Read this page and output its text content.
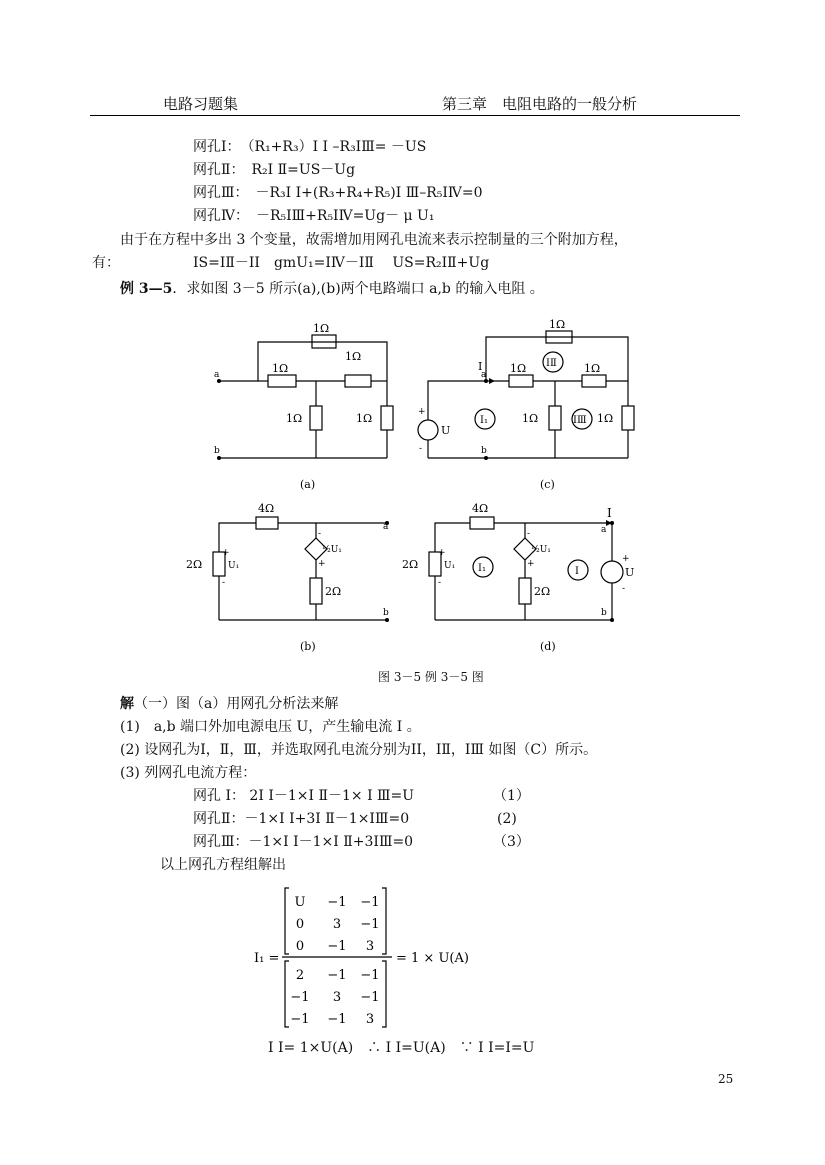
电路习题集	第三章　电阻电路的一般分析
网孔Ⅰ：　（R₁+R₃）I Ⅰ –R₃IⅢ= －US
网孔Ⅱ：　R₂I Ⅱ=US－Ug
网孔Ⅲ：　－R₃I Ⅰ+(R₃+R₄+R₅)I Ⅲ–R₅IⅣ=0
网孔Ⅳ：　－R₅IⅢ+R₅IⅣ=Ug－ μ U₁
由于在方程中多出 3 个变量，故需增加用网孔电流来表示控制量的三个附加方程，
有：	IS=IⅡ－IⅠ　gmU₁=IⅣ－IⅡ　 US=R₂IⅡ+Ug
例 3—5．求如图 3－5 所示(a),(b)两个电路端口 a,b 的输入电阻 。
1Ω
1Ω
1Ω
1Ω	1Ω
a
b
(a)
1Ω
1Ω	1Ω
1Ω	1Ω
a
b
I
U
+
-
I₁
IⅡ
IⅢ
(c)
4Ω
2Ω
2Ω
U₁
+
-
½U₁
-
+
a
b
(b)
4Ω
2Ω
2Ω
U₁
+
-
½U₁
-
+
I₁	I	U
+
-
I
a
b
(d)
图 3－5 例 3－5 图
解（一）图（a）用网孔分析法来解
(1)　a,b 端口外加电源电压 U，产生输电流 I 。
(2) 设网孔为Ⅰ，Ⅱ，Ⅲ，并选取网孔电流分别为IⅠ，IⅡ，IⅢ 如图（C）所示。
(3) 列网孔电流方程：
网孔 I： 2I Ⅰ－1×I Ⅱ－1× I Ⅲ=U	（1）
网孔Ⅱ：－1×I Ⅰ+3I Ⅱ－1×IⅢ=0	(2)
网孔Ⅲ：－1×I Ⅰ－1×I Ⅱ+3IⅢ=0	（3）
以上网孔方程组解出
I₁ =	= 1 × U(A)
U −1 −1
0 3 −1
0 −1 3
2 −1 −1
−1 3 −1
−1 −1 3
I Ⅰ= 1×U(A)　∴ I Ⅰ=U(A)　∵ I Ⅰ=I=U
25
